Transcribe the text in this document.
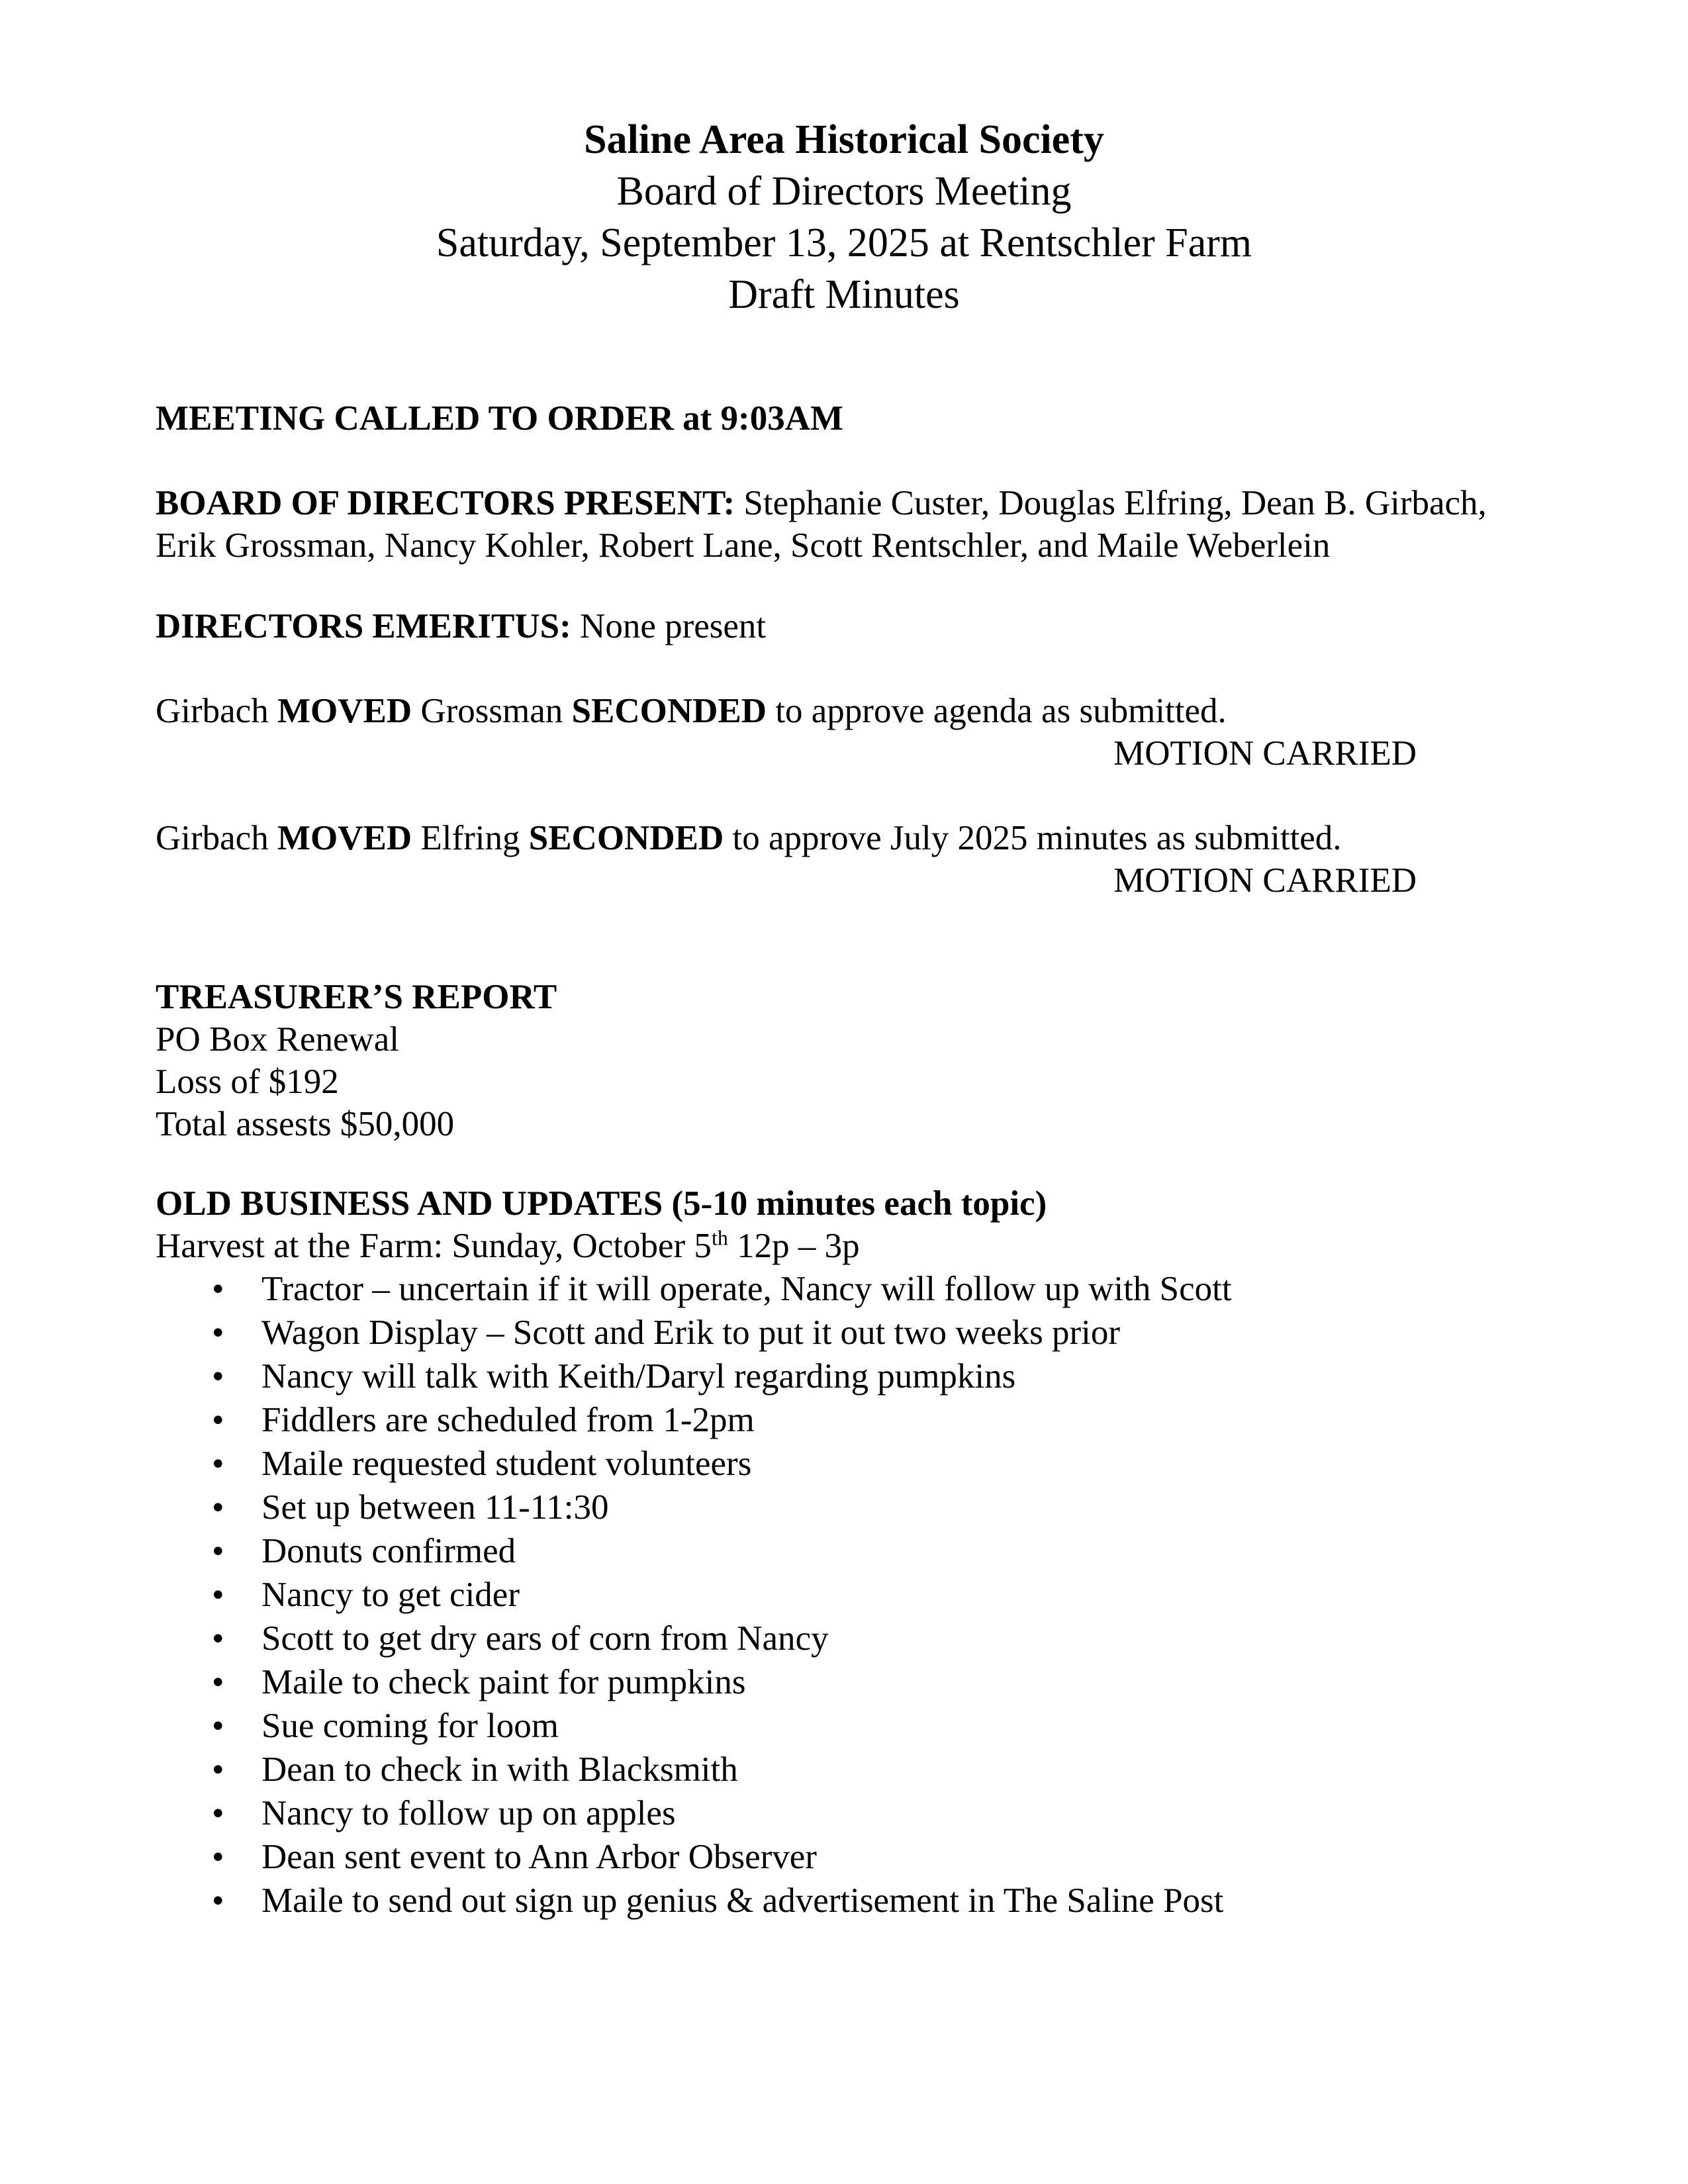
Saline Area Historical Society
Board of Directors Meeting
Saturday, September 13, 2025 at Rentschler Farm
Draft Minutes

MEETING CALLED TO ORDER at 9:03AM

BOARD OF DIRECTORS PRESENT: Stephanie Custer, Douglas Elfring, Dean B. Girbach, Erik Grossman, Nancy Kohler, Robert Lane, Scott Rentschler, and Maile Weberlein

DIRECTORS EMERITUS: None present

Girbach MOVED Grossman SECONDED to approve agenda as submitted.

MOTION CARRIED

Girbach MOVED Elfring SECONDED to approve July 2025 minutes as submitted.

MOTION CARRIED

TREASURER’S REPORT

PO Box Renewal

Loss of $192

Total assests $50,000

OLD BUSINESS AND UPDATES (5-10 minutes each topic)

Harvest at the Farm: Sunday, October 5th 12p – 3p

• Tractor – uncertain if it will operate, Nancy will follow up with Scott
• Wagon Display – Scott and Erik to put it out two weeks prior
• Nancy will talk with Keith/Daryl regarding pumpkins
• Fiddlers are scheduled from 1-2pm
• Maile requested student volunteers
• Set up between 11-11:30
• Donuts confirmed
• Nancy to get cider
• Scott to get dry ears of corn from Nancy
• Maile to check paint for pumpkins
• Sue coming for loom
• Dean to check in with Blacksmith
• Nancy to follow up on apples
• Dean sent event to Ann Arbor Observer
• Maile to send out sign up genius & advertisement in The Saline Post
